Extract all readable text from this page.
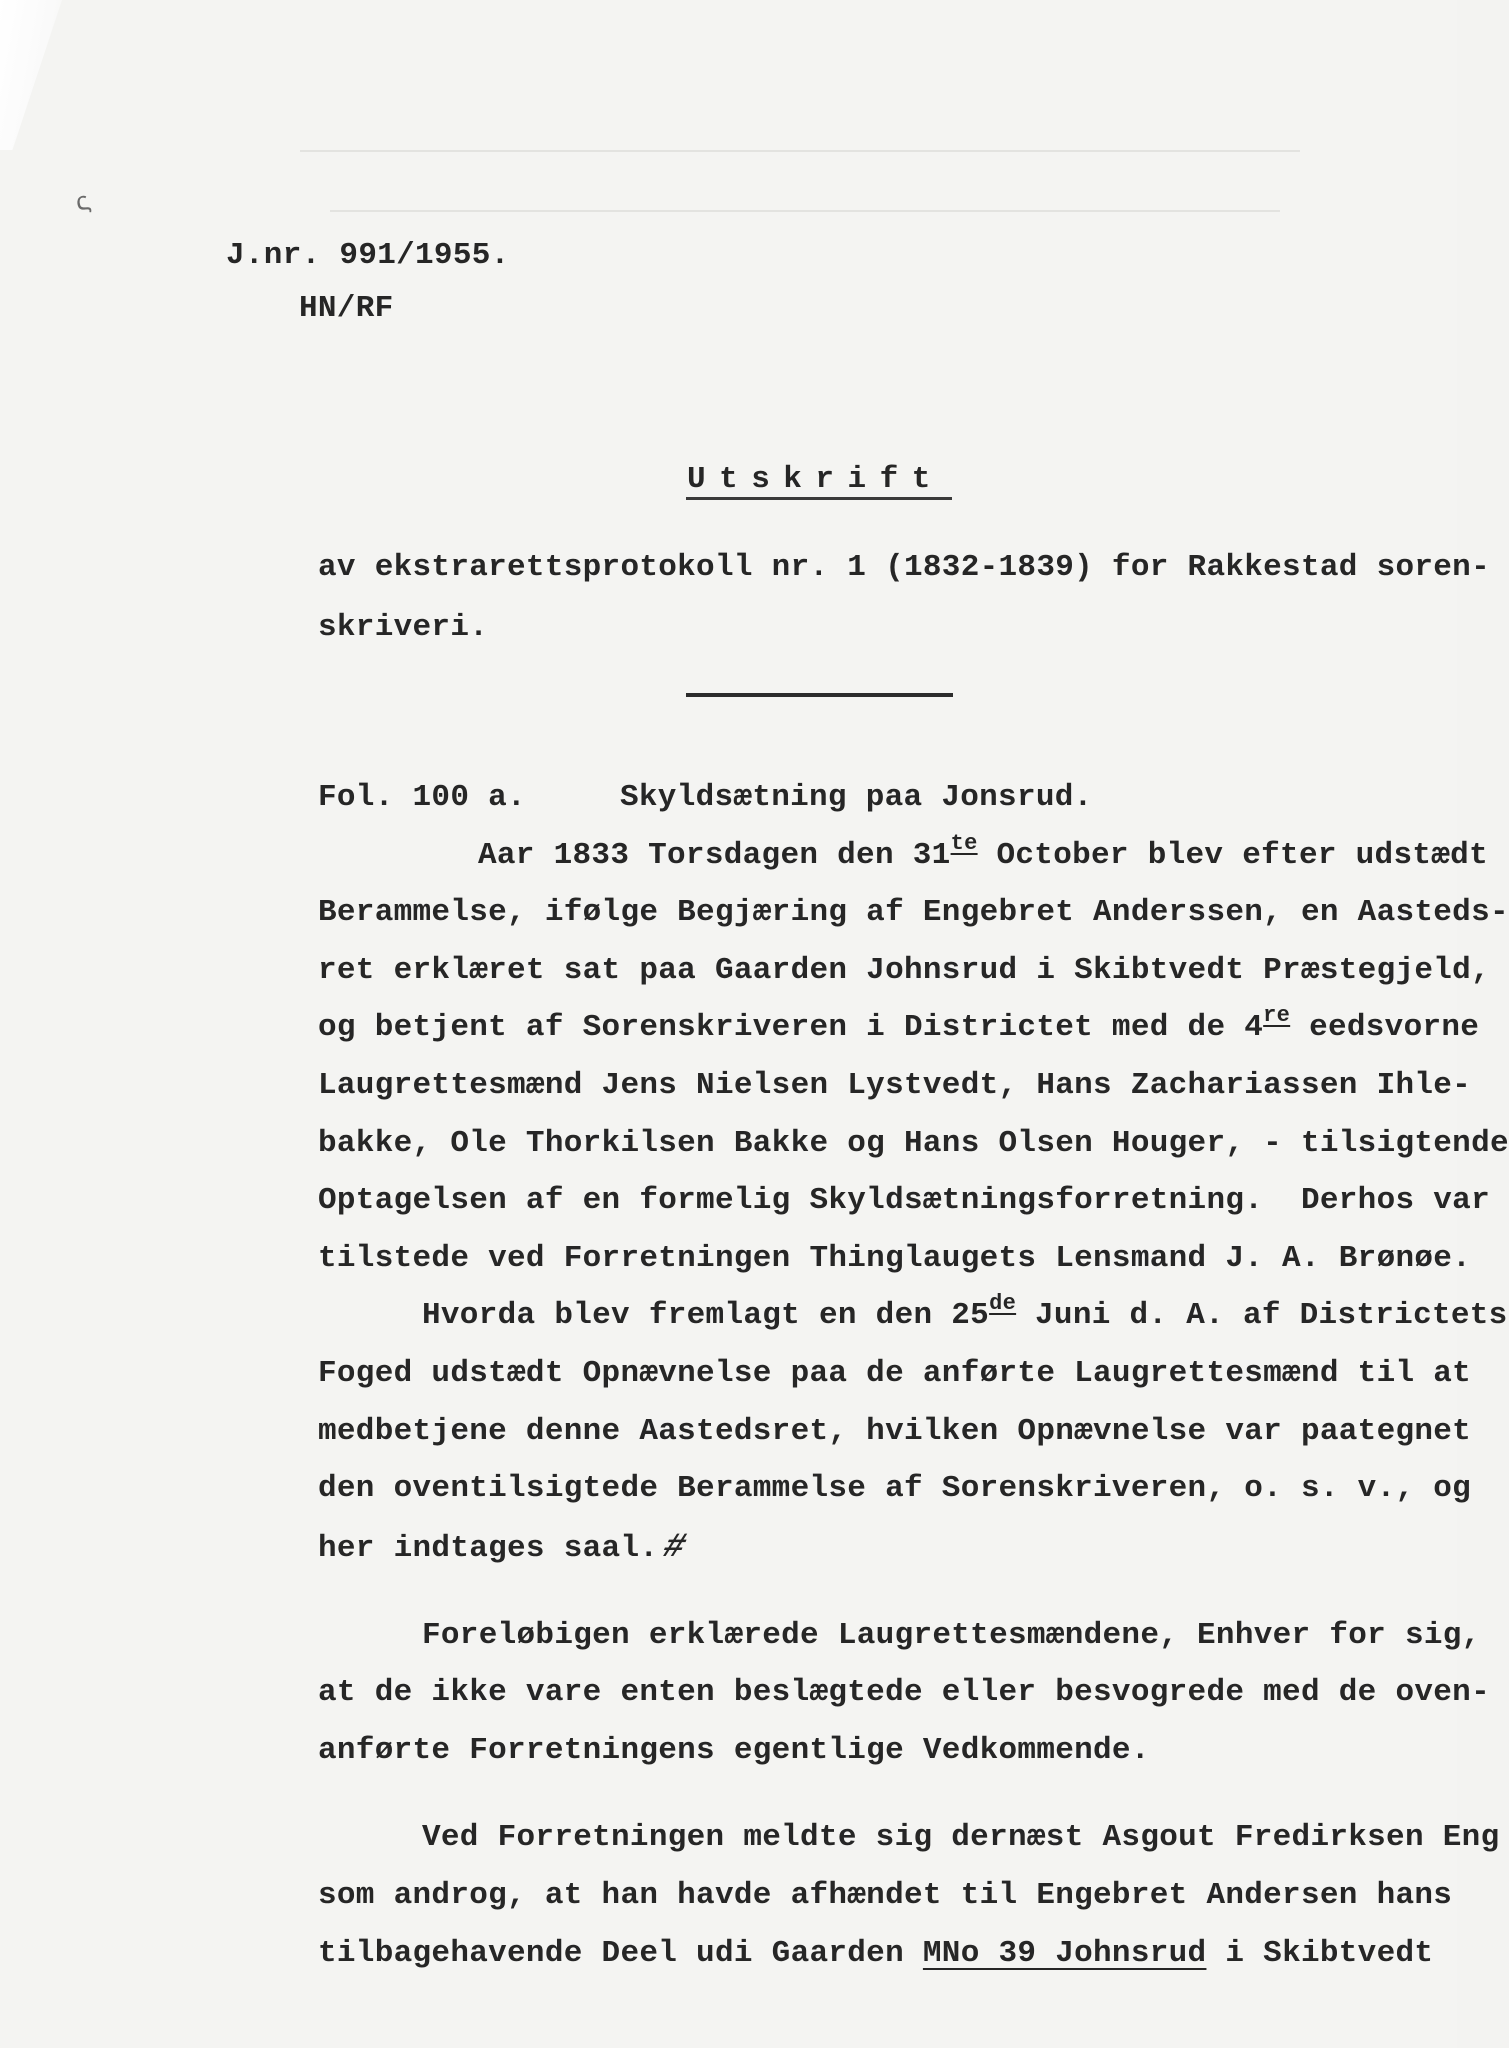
ς
J.nr. 991/1955.
HN/RF
Utskrift
av ekstrarettsprotokoll nr. 1 (1832-1839) for Rakkestad soren-
skriveri.
Fol. 100 a.	Skyldsætning paa Jonsrud.
Aar 1833 Torsdagen den $31^{te}$ October blev efter udstædt
Berammelse, ifølge Begjæring af Engebret Anderssen, en Aasteds-
ret erklæret sat paa Gaarden Johnsrud i Skibtvedt Præstegjeld,
og betjent af Sorenskriveren i Districtet med de 4re eedsvorne
Laugrettesmænd Jens Nielsen Lystvedt, Hans Zachariassen Ihle-
bakke, Ole Thorkilsen Bakke og Hans Olsen Houger, - tilsigtende
Optagelsen af en formelig Skyldsætningsforretning.  Derhos var
tilstede ved Forretningen Thinglaugets Lensmand J. A. Brønøe.
Hvorda blev fremlagt en den 25de Juni d. A. af Districtets
Foged udstædt Opnævnelse paa de anførte Laugrettesmænd til at
medbetjene denne Aastedsret, hvilken Opnævnelse var paategnet
den oventilsigtede Berammelse af Sorenskriveren, o. s. v., og
her indtages saal.#
Foreløbigen erklærede Laugrettesmændene, Enhver for sig,
at de ikke vare enten beslægtede eller besvogrede med de oven-
anførte Forretningens egentlige Vedkommende.
Ved Forretningen meldte sig dernæst Asgout Fredirksen Eng
som androg, at han havde afhændet til Engebret Andersen hans
tilbagehavende Deel udi Gaarden MNo 39 Johnsrud i Skibtvedt
